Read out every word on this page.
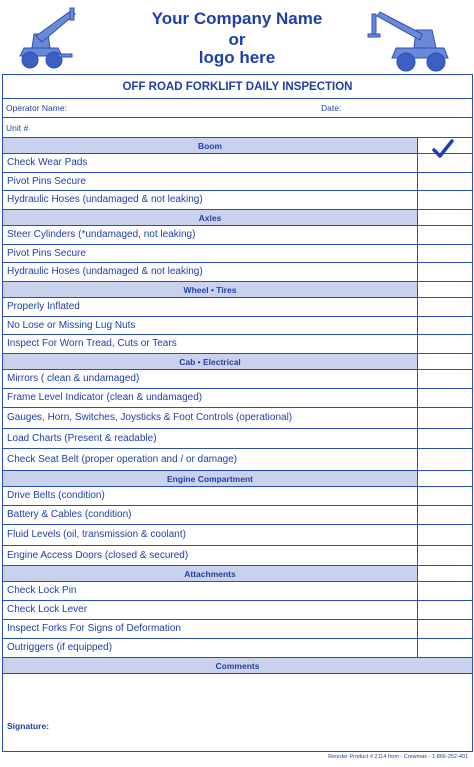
Your Company Name
or
logo here
OFF ROAD FORKLIFT DAILY INSPECTION
Operator Name:	Date:
Unit #
Boom
Check Wear Pads
Pivot Pins Secure
Hydraulic Hoses (undamaged & not leaking)
Axles
Steer Cylinders (*undamaged, not leaking)
Pivot Pins Secure
Hydraulic Hoses (undamaged & not leaking)
Wheel • Tires
Properly Inflated
No Lose or Missing Lug Nuts
Inspect For Worn Tread, Cuts or Tears
Cab • Electrical
Mirrors ( clean & undamaged)
Frame Level Indicator (clean & undamaged)
Gauges, Horn, Switches, Joysticks & Foot Controls (operational)
Load Charts (Present & readable)
Check Seat Belt (proper operation and / or damage)
Engine Compartment
Drive Belts (condition)
Battery & Cables (condition)
Fluid Levels (oil, transmission & coolant)
Engine Access Doors (closed & secured)
Attachments
Check Lock Pin
Check Lock Lever
Inspect Forks For Signs of Deformation
Outriggers (if equipped)
Comments
Signature:
Reorder Product # 2114 from - Crewmax - 1-866-252-401
